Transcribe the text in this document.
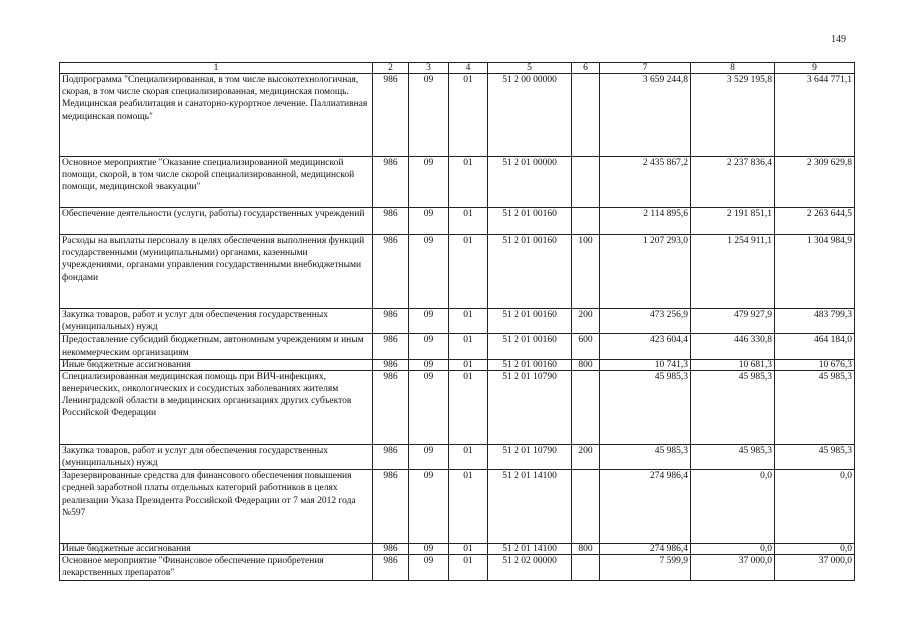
149
1	2	3	4	5	6	7	8	9
Подпрограмма "Специализированная, в том числе высокотехнологичная, скорая, в том числе скорая специализированная, медицинская помощь. Медицинская реабилитация и санаторно-курортное лечение. Паллиативная медицинская помощь"	986	09	01	51 2 00 00000		3 659 244,8	3 529 195,8	3 644 771,1
Основное мероприятие "Оказание специализированной медицинской помощи, скорой, в том числе скорой специализированной, медицинской помощи, медицинской эвакуации"	986	09	01	51 2 01 00000		2 435 867,2	2 237 836,4	2 309 629,8
Обеспечение деятельности (услуги, работы) государственных учреждений	986	09	01	51 2 01 00160		2 114 895,6	2 191 851,1	2 263 644,5
Расходы на выплаты персоналу в целях обеспечения выполнения функций государственными (муниципальными) органами, казенными учреждениями, органами управления государственными внебюджетными фондами	986	09	01	51 2 01 00160	100	1 207 293,0	1 254 911,1	1 304 984,9
Закупка товаров, работ и услуг для обеспечения государственных (муниципальных) нужд	986	09	01	51 2 01 00160	200	473 256,9	479 927,9	483 799,3
Предоставление субсидий бюджетным, автономным учреждениям и иным некоммерческим организациям	986	09	01	51 2 01 00160	600	423 604,4	446 330,8	464 184,0
Иные бюджетные ассигнования	986	09	01	51 2 01 00160	800	10 741,3	10 681,3	10 676,3
Специализированная медицинская помощь при ВИЧ-инфекциях, венерических, онкологических и сосудистых заболеваниях жителям Ленинградской области в медицинских организациях других субъектов Российской Федерации	986	09	01	51 2 01 10790		45 985,3	45 985,3	45 985,3
Закупка товаров, работ и услуг для обеспечения государственных (муниципальных) нужд	986	09	01	51 2 01 10790	200	45 985,3	45 985,3	45 985,3
Зарезервированные средства для финансового обеспечения повышения средней заработной платы отдельных категорий работников в целях реализации Указа Президента Российской Федерации от 7 мая 2012 года №597	986	09	01	51 2 01 14100		274 986,4	0,0	0,0
Иные бюджетные ассигнования	986	09	01	51 2 01 14100	800	274 986,4	0,0	0,0
Основное мероприятие "Финансовое обеспечение приобретения лекарственных препаратов"	986	09	01	51 2 02 00000		7 599,9	37 000,0	37 000,0
